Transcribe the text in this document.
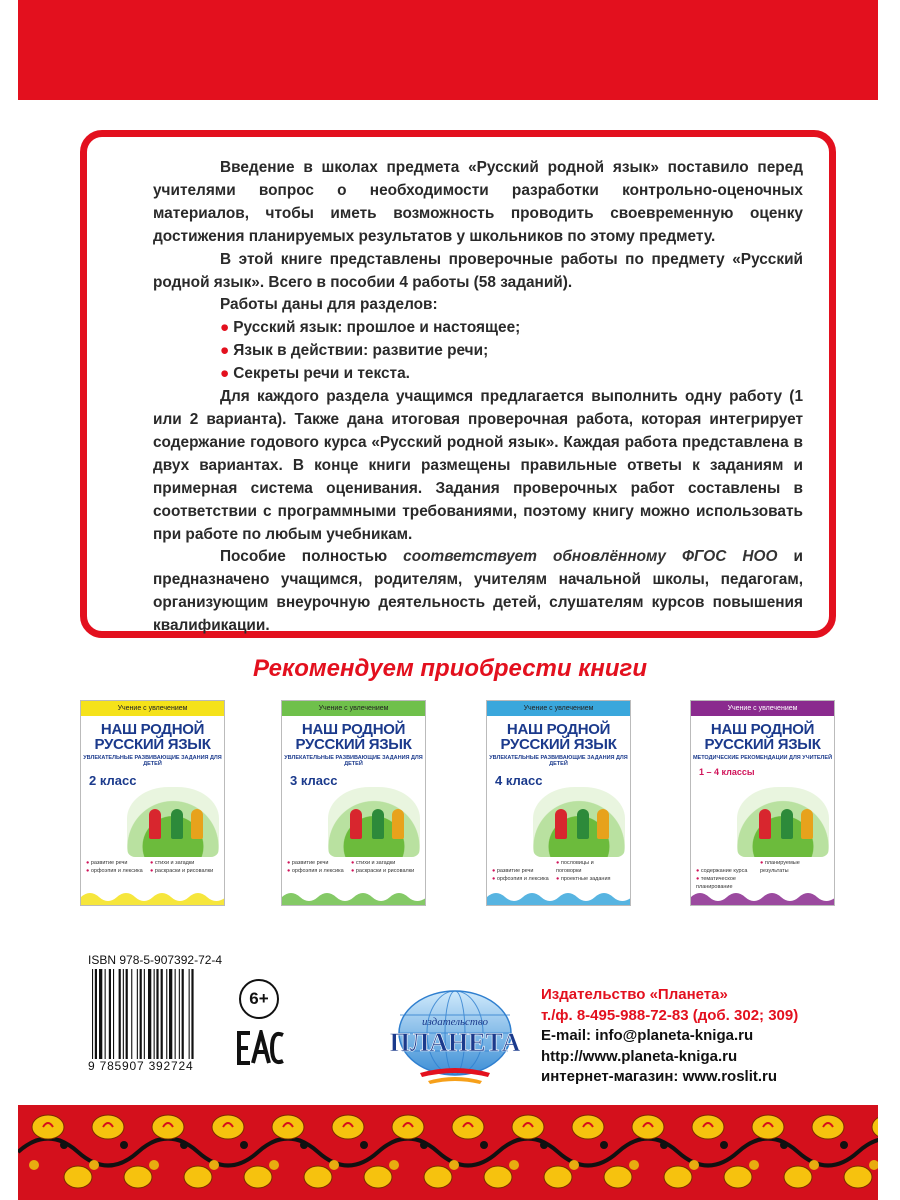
Введение в школах предмета «Русский родной язык» поставило перед учителями вопрос о необходимости разработки контрольно-оценочных материалов, чтобы иметь возможность проводить своевременную оценку достижения планируемых результатов у школьников по этому предмету.

В этой книге представлены проверочные работы по предмету «Русский родной язык». Всего в пособии 4 работы (58 заданий).

Работы даны для разделов:

● Русский язык: прошлое и настоящее;

● Язык в действии: развитие речи;

● Секреты речи и текста.

Для каждого раздела учащимся предлагается выполнить одну работу (1 или 2 варианта). Также дана итоговая проверочная работа, которая интегрирует содержание годового курса «Русский родной язык». Каждая работа представлена в двух вариантах. В конце книги размещены правильные ответы к заданиям и примерная система оценивания. Задания проверочных работ составлены в соответствии с программными требованиями, поэтому книгу можно использовать при работе по любым учебникам.

Пособие полностью соответствует обновлённому ФГОС НОО и предназначено учащимся, родителям, учителям начальной школы, педагогам, организующим внеурочную деятельность детей, слушателям курсов повышения квалификации.

Рекомендуем приобрести книги
Учение с увлечением
НАШ РОДНОЙ
РУССКИЙ ЯЗЫК
УВЛЕКАТЕЛЬНЫЕ РАЗВИВАЮЩИЕ ЗАДАНИЯ ДЛЯ ДЕТЕЙ
2 класс
● развитие речи	● стихи и загадки● орфоэпия и лексика ● раскраски и рисовалки
Учение с увлечением
НАШ РОДНОЙ
РУССКИЙ ЯЗЫК
УВЛЕКАТЕЛЬНЫЕ РАЗВИВАЮЩИЕ ЗАДАНИЯ ДЛЯ ДЕТЕЙ
3 класс
● развитие речи	● стихи и загадки● орфоэпия и лексика ● раскраски и рисовалки
Учение с увлечением
НАШ РОДНОЙ
РУССКИЙ ЯЗЫК
УВЛЕКАТЕЛЬНЫЕ РАЗВИВАЮЩИЕ ЗАДАНИЯ ДЛЯ ДЕТЕЙ
4 класс
● развитие речи● пословицы и поговорки● орфоэпия и лексика ● проектные задания
Учение с увлечением
НАШ РОДНОЙ
РУССКИЙ ЯЗЫК
МЕТОДИЧЕСКИЕ РЕКОМЕНДАЦИИ ДЛЯ УЧИТЕЛЕЙ
1 – 4 классы
● содержание курса● планируемые результаты● тематическое планирование
ISBN 978-5-907392-72-4
9 785907 392724
6+
издательство
ПЛАНЕТА
Издательство «Планета»
т./ф. 8-495-988-72-83 (доб. 302; 309)
E-mail: info@planeta-kniga.ru
http://www.planeta-kniga.ru
интернет-магазин: www.roslit.ru
